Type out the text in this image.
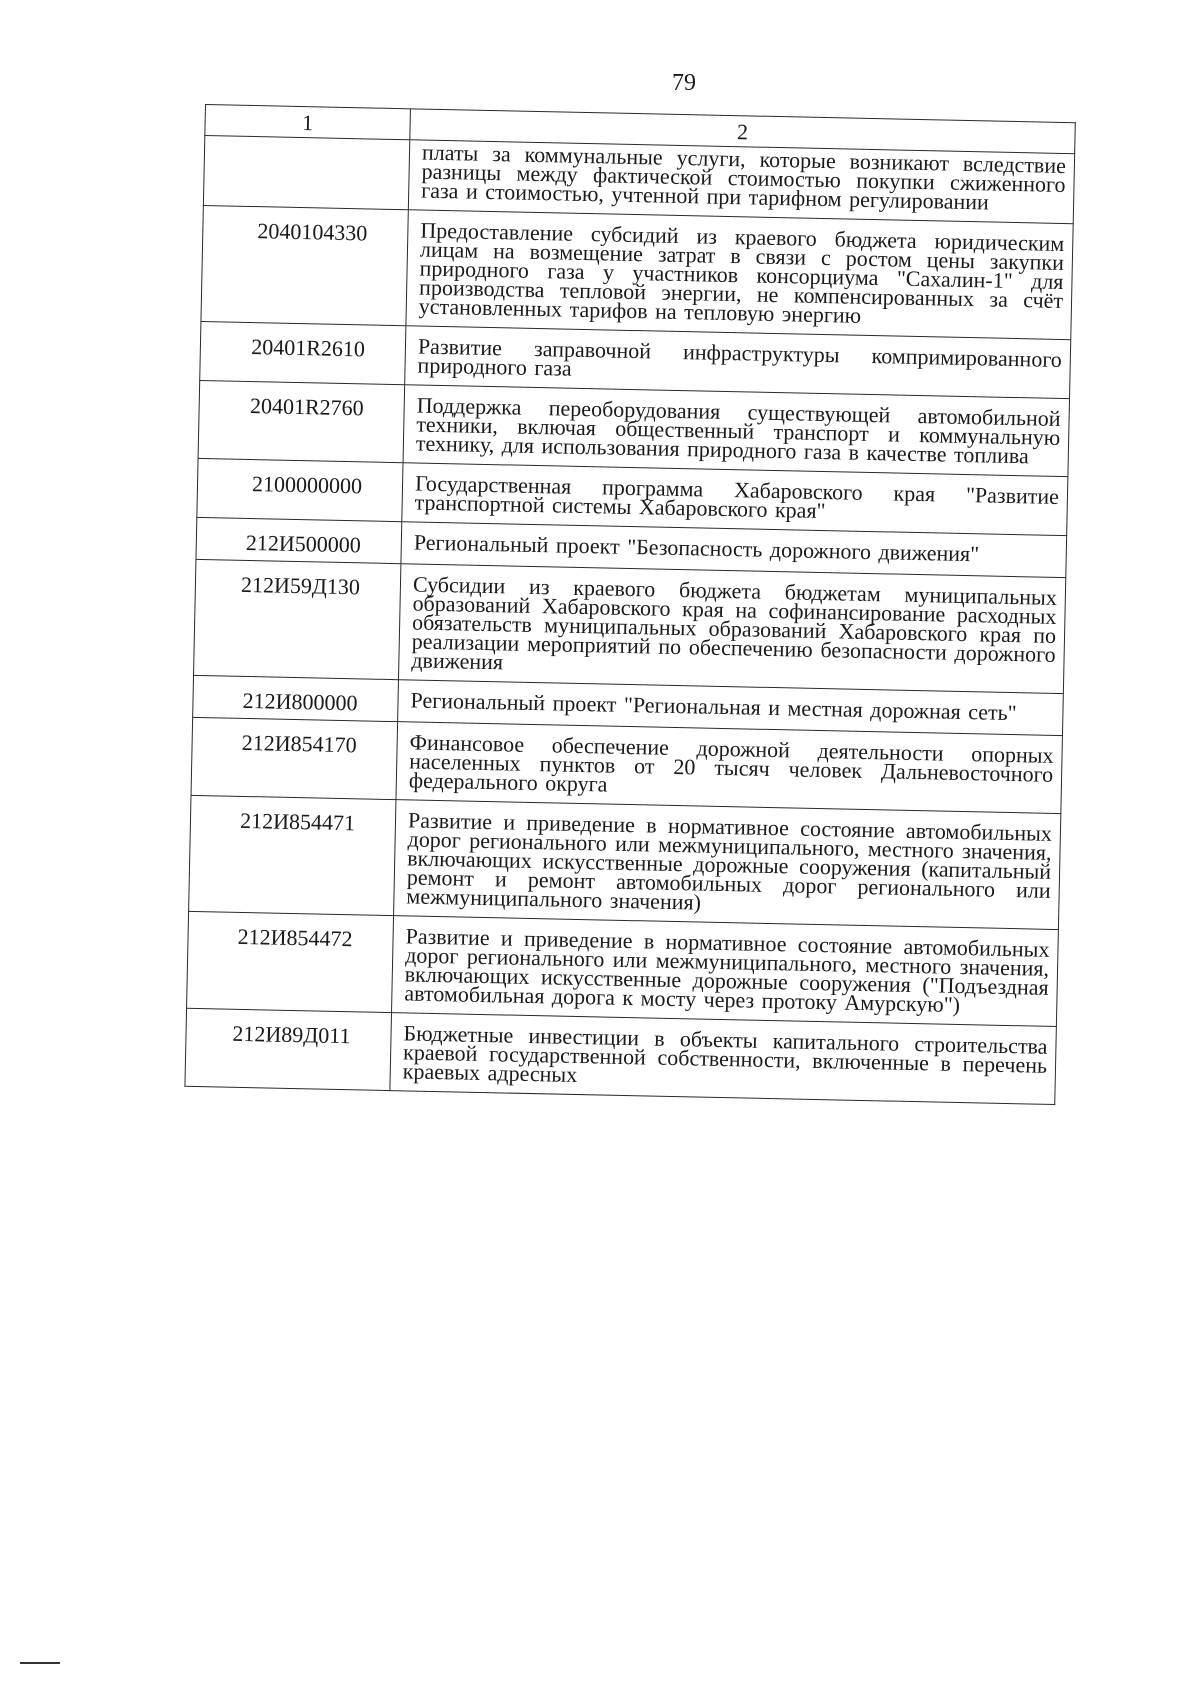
79
1	2
	платы за коммунальные услуги, которые возникают вследствие разницы между фактической стоимостью покупки сжиженного газа и стоимостью, учтенной при тарифном регулировании
2040104330	Предоставление субсидий из краевого бюджета юридическим лицам на возмещение затрат в связи с ростом цены закупки природного газа у участников консорциума "Сахалин-1" для производства тепловой энергии, не компенсированных за счёт установленных тарифов на тепловую энергию
20401R2610	Развитие заправочной инфраструктуры компримированного природного газа
20401R2760	Поддержка переоборудования существующей автомобильной техники, включая общественный транспорт и коммунальную технику, для использования природного газа в качестве топлива
2100000000	Государственная программа Хабаровского края "Развитие транспортной системы Хабаровского края"
212И500000	Региональный проект "Безопасность дорожного движения"
212И59Д130	Субсидии из краевого бюджета бюджетам муниципальных образований Хабаровского края на софинансирование расходных обязательств муниципальных образований Хабаровского края по реализации мероприятий по обеспечению безопасности дорожного движения
212И800000	Региональный проект "Региональная и местная дорожная сеть"
212И854170	Финансовое обеспечение дорожной деятельности опорных населенных пунктов от 20 тысяч человек Дальневосточного федерального округа
212И854471	Развитие и приведение в нормативное состояние автомобильных дорог регионального или межмуниципального, местного значения, включающих искусственные дорожные сооружения (капитальный ремонт и ремонт автомобильных дорог регионального или межмуниципального значения)
212И854472	Развитие и приведение в нормативное состояние автомобильных дорог регионального или межмуниципального, местного значения, включающих искусственные дорожные сооружения ("Подъездная автомобильная дорога к мосту через протоку Амурскую")
212И89Д011	Бюджетные инвестиции в объекты капитального строительства краевой государственной собственности, включенные в перечень краевых адресных
